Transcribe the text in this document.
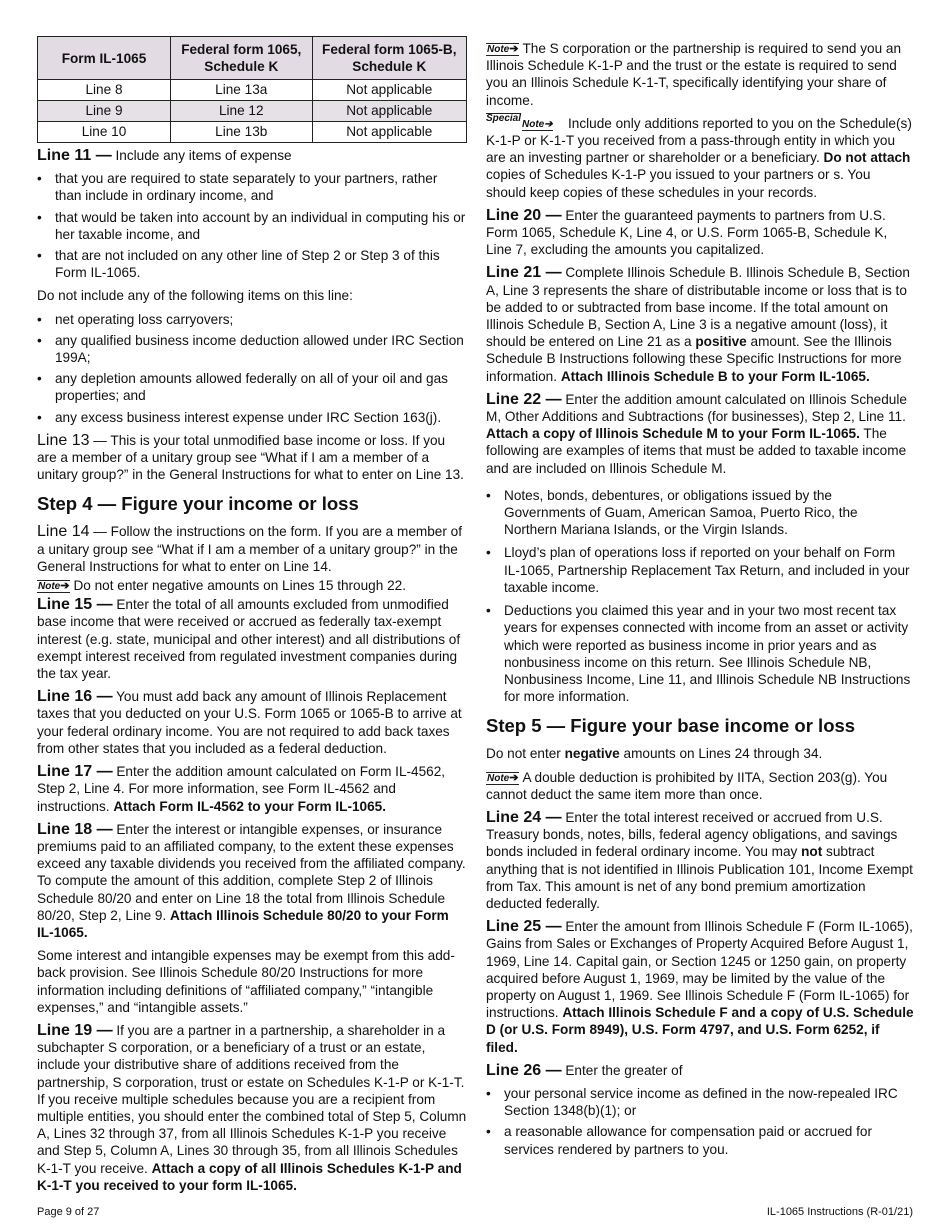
Form IL-1065	Federal form 1065, Schedule K	Federal form 1065-B, Schedule K
Line 8	Line 13a	Not applicable
Line 9	Line 12	Not applicable
Line 10	Line 13b	Not applicable

Line 11 — Include any items of expense

• that you are required to state separately to your partners, rather than include in ordinary income, and
• that would be taken into account by an individual in computing his or her taxable income, and
• that are not included on any other line of Step 2 or Step 3 of this Form IL-1065.

Do not include any of the following items on this line:

• net operating loss carryovers;
• any qualified business income deduction allowed under IRC Section 199A;
• any depletion amounts allowed federally on all of your oil and gas properties; and
• any excess business interest expense under IRC Section 163(j).

Line 13 — This is your total unmodified base income or loss. If you are a member of a unitary group see “What if I am a member of a unitary group?” in the General Instructions for what to enter on Line 13.

Step 4 — Figure your income or loss

Line 14 — Follow the instructions on the form. If you are a member of a unitary group see “What if I am a member of a unitary group?” in the General Instructions for what to enter on Line 14.

Note➔ Do not enter negative amounts on Lines 15 through 22.

Line 15 — Enter the total of all amounts excluded from unmodified base income that were received or accrued as federally tax-exempt interest (e.g. state, municipal and other interest) and all distributions of exempt interest received from regulated investment companies during the tax year.

Line 16 — You must add back any amount of Illinois Replacement taxes that you deducted on your U.S. Form 1065 or 1065-B to arrive at your federal ordinary income. You are not required to add back taxes from other states that you included as a federal deduction.

Line 17 — Enter the addition amount calculated on Form IL-4562, Step 2, Line 4. For more information, see Form IL-4562 and instructions. Attach Form IL-4562 to your Form IL-1065.

Line 18 — Enter the interest or intangible expenses, or insurance premiums paid to an affiliated company, to the extent these expenses exceed any taxable dividends you received from the affiliated company. To compute the amount of this addition, complete Step 2 of Illinois Schedule 80/20 and enter on Line 18 the total from Illinois Schedule 80/20, Step 2, Line 9. Attach Illinois Schedule 80/20 to your Form IL-1065.

Some interest and intangible expenses may be exempt from this add-back provision. See Illinois Schedule 80/20 Instructions for more information including definitions of “affiliated company,” “intangible expenses,” and “intangible assets.”

Line 19 — If you are a partner in a partnership, a shareholder in a subchapter S corporation, or a beneficiary of a trust or an estate, include your distributive share of additions received from the partnership, S corporation, trust or estate on Schedules K-1-P or K-1-T. If you receive multiple schedules because you are a recipient from multiple entities, you should enter the combined total of Step 5, Column A, Lines 32 through 37, from all Illinois Schedules K-1-P you receive and Step 5, Column A, Lines 30 through 35, from all Illinois Schedules K-1-T you receive. Attach a copy of all Illinois Schedules K-1-P and K-1-T you received to your form IL-1065.

Note➔ The S corporation or the partnership is required to send you an Illinois Schedule K-1-P and the trust or the estate is required to send you an Illinois Schedule K-1-T, specifically identifying your share of income.

Special
Note➔ Include only additions reported to you on the Schedule(s) K-1-P or K-1-T you received from a pass-through entity in which you are an investing partner or shareholder or a beneficiary. Do not attach copies of Schedules K-1-P you issued to your partners or s. You should keep copies of these schedules in your records.

Line 20 — Enter the guaranteed payments to partners from U.S. Form 1065, Schedule K, Line 4, or U.S. Form 1065-B, Schedule K, Line 7, excluding the amounts you capitalized.

Line 21 — Complete Illinois Schedule B. Illinois Schedule B, Section A, Line 3 represents the share of distributable income or loss that is to be added to or subtracted from base income. If the total amount on Illinois Schedule B, Section A, Line 3 is a negative amount (loss), it should be entered on Line 21 as a positive amount. See the Illinois Schedule B Instructions following these Specific Instructions for more information. Attach Illinois Schedule B to your Form IL-1065.

Line 22 — Enter the addition amount calculated on Illinois Schedule M, Other Additions and Subtractions (for businesses), Step 2, Line 11. Attach a copy of Illinois Schedule M to your Form IL-1065. The following are examples of items that must be added to taxable income and are included on Illinois Schedule M.

• Notes, bonds, debentures, or obligations issued by the Governments of Guam, American Samoa, Puerto Rico, the Northern Mariana Islands, or the Virgin Islands.
• Lloyd’s plan of operations loss if reported on your behalf on Form IL-1065, Partnership Replacement Tax Return, and included in your taxable income.
• Deductions you claimed this year and in your two most recent tax years for expenses connected with income from an asset or activity which were reported as business income in prior years and as nonbusiness income on this return. See Illinois Schedule NB, Nonbusiness Income, Line 11, and Illinois Schedule NB Instructions for more information.
Step 5 — Figure your base income or loss

Do not enter negative amounts on Lines 24 through 34.

Note➔ A double deduction is prohibited by IITA, Section 203(g). You cannot deduct the same item more than once.

Line 24 — Enter the total interest received or accrued from U.S. Treasury bonds, notes, bills, federal agency obligations, and savings bonds included in federal ordinary income. You may not subtract anything that is not identified in Illinois Publication 101, Income Exempt from Tax. This amount is net of any bond premium amortization deducted federally.

Line 25 — Enter the amount from Illinois Schedule F (Form IL-1065), Gains from Sales or Exchanges of Property Acquired Before August 1, 1969, Line 14. Capital gain, or Section 1245 or 1250 gain, on property acquired before August 1, 1969, may be limited by the value of the property on August 1, 1969. See Illinois Schedule F (Form IL-1065) for instructions. Attach Illinois Schedule F and a copy of U.S. Schedule D (or U.S. Form 8949), U.S. Form 4797, and U.S. Form 6252, if filed.

Line 26 — Enter the greater of

• your personal service income as defined in the now-repealed IRC Section 1348(b)(1); or
• a reasonable allowance for compensation paid or accrued for services rendered by partners to you.
Page 9 of 27	IL-1065 Instructions (R-01/21)
